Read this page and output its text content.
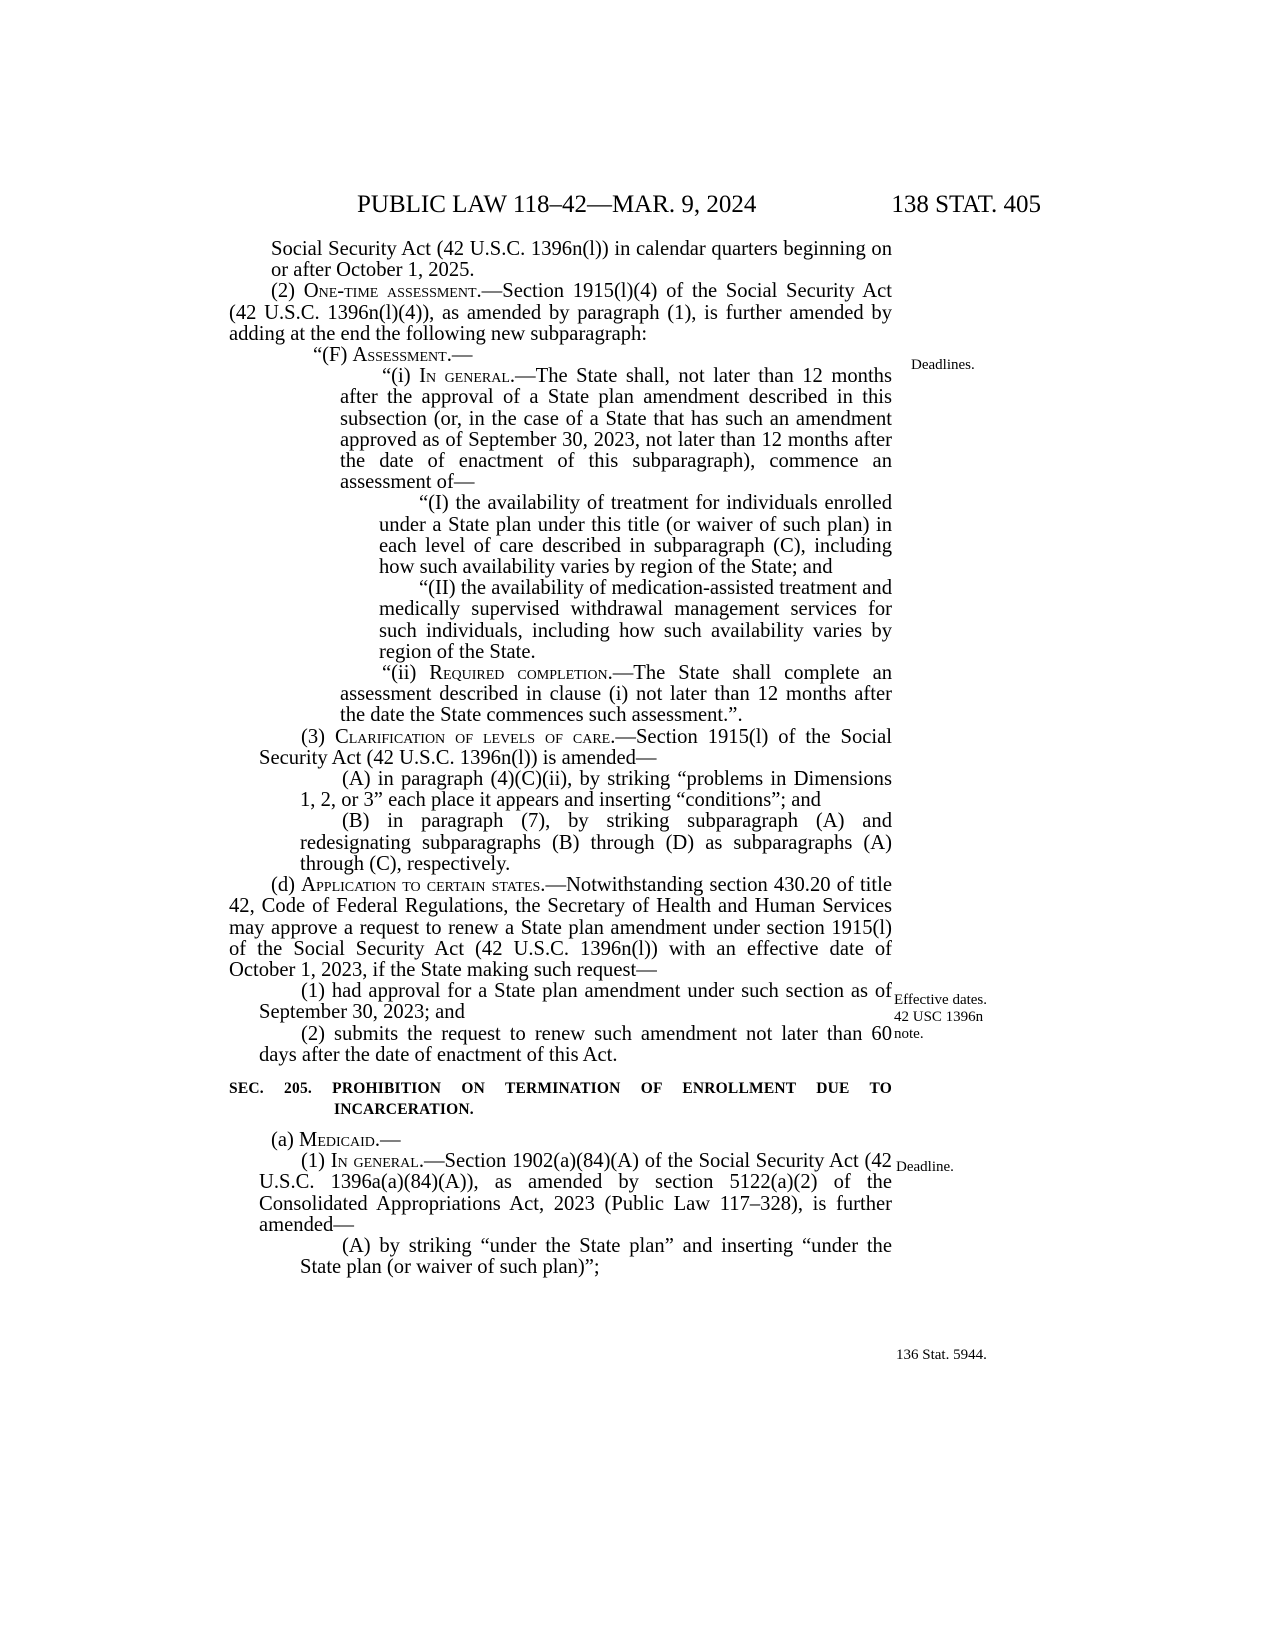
PUBLIC LAW 118–42—MAR. 9, 2024	138 STAT. 405

Social Security Act (42 U.S.C. 1396n(l)) in calendar quarters beginning on or after October 1, 2025.

(2) One-time assessment.—Section 1915(l)(4) of the Social Security Act (42 U.S.C. 1396n(l)(4)), as amended by paragraph (1), is further amended by adding at the end the following new subparagraph:

“(F) Assessment.—

“(i) In general.—The State shall, not later than 12 months after the approval of a State plan amendment described in this subsection (or, in the case of a State that has such an amendment approved as of September 30, 2023, not later than 12 months after the date of enactment of this subparagraph), commence an assessment of—

“(I) the availability of treatment for individuals enrolled under a State plan under this title (or waiver of such plan) in each level of care described in subparagraph (C), including how such availability varies by region of the State; and

“(II) the availability of medication-assisted treatment and medically supervised withdrawal management services for such individuals, including how such availability varies by region of the State.

“(ii) Required completion.—The State shall complete an assessment described in clause (i) not later than 12 months after the date the State commences such assessment.”.

(3) Clarification of levels of care.—Section 1915(l) of the Social Security Act (42 U.S.C. 1396n(l)) is amended—

(A) in paragraph (4)(C)(ii), by striking “problems in Dimensions 1, 2, or 3” each place it appears and inserting “conditions”; and

(B) in paragraph (7), by striking subparagraph (A) and redesignating subparagraphs (B) through (D) as subparagraphs (A) through (C), respectively.

(d) Application to certain states.—Notwithstanding section 430.20 of title 42, Code of Federal Regulations, the Secretary of Health and Human Services may approve a request to renew a State plan amendment under section 1915(l) of the Social Security Act (42 U.S.C. 1396n(l)) with an effective date of October 1, 2023, if the State making such request—

(1) had approval for a State plan amendment under such section as of September 30, 2023; and

(2) submits the request to renew such amendment not later than 60 days after the date of enactment of this Act.

SEC. 205. PROHIBITION ON TERMINATION OF ENROLLMENT DUE TO INCARCERATION.

(a) Medicaid.—

(1) In general.—Section 1902(a)(84)(A) of the Social Security Act (42 U.S.C. 1396a(a)(84)(A)), as amended by section 5122(a)(2) of the Consolidated Appropriations Act, 2023 (Public Law 117–328), is further amended—

(A) by striking “under the State plan” and inserting “under the State plan (or waiver of such plan)”;

Deadlines.
Effective dates.
42 USC 1396n
note.
Deadline.
136 Stat. 5944.
